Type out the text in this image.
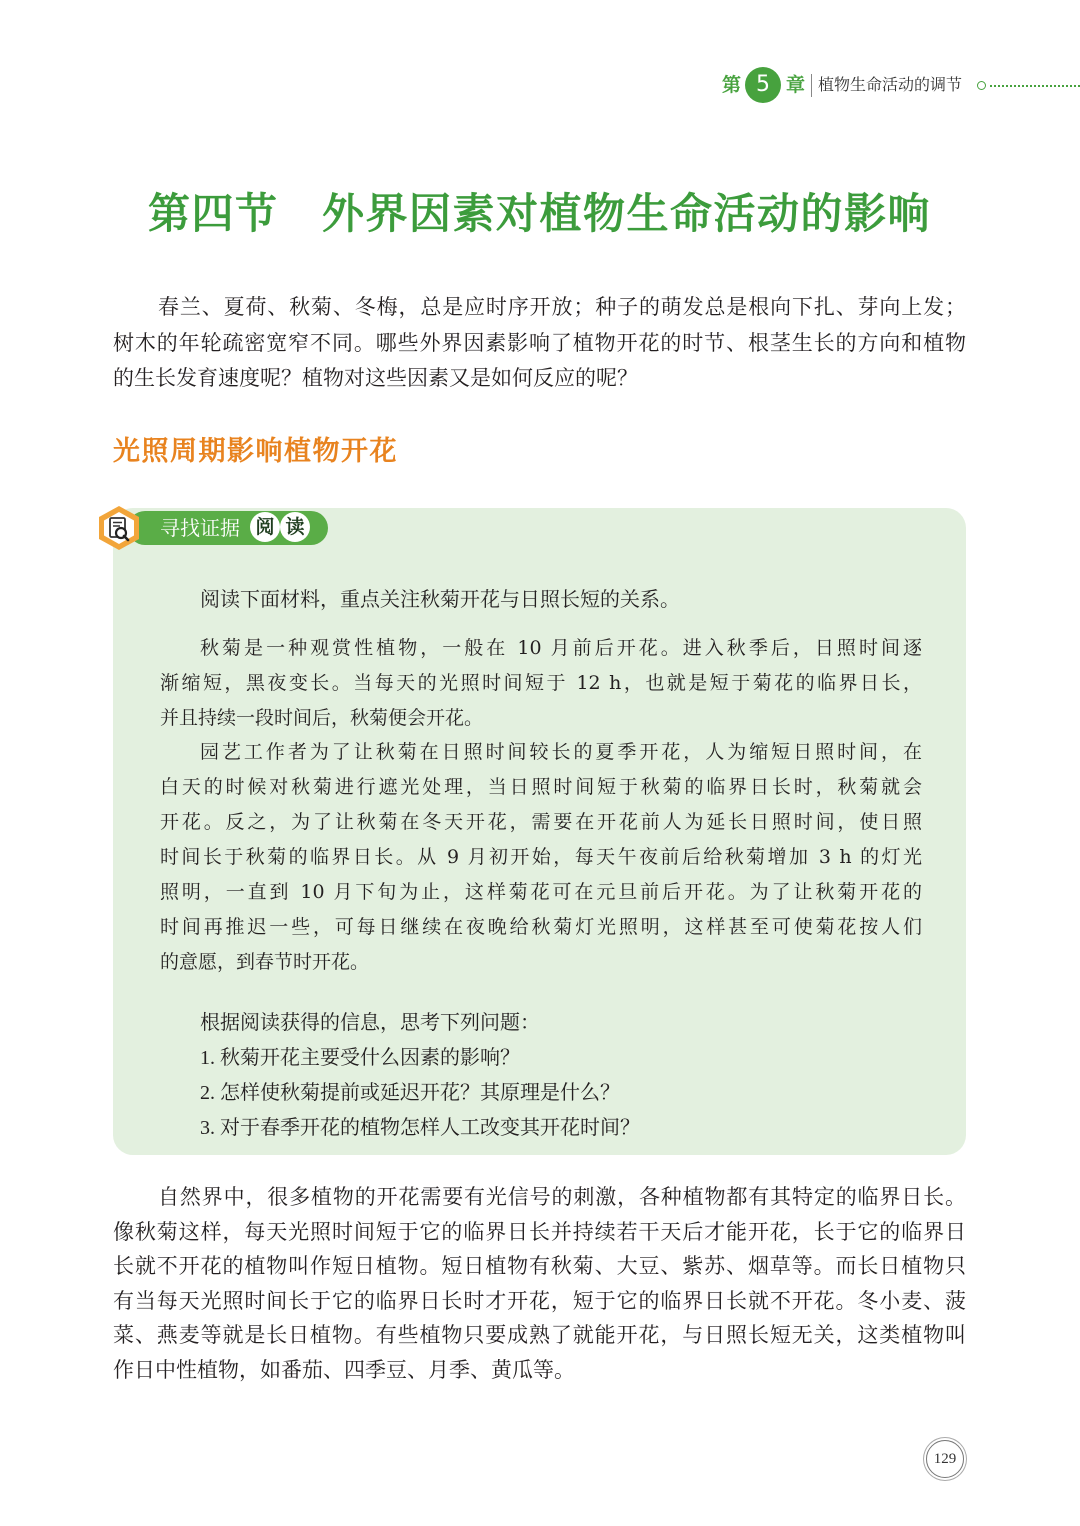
第 5 章 植物生命活动的调节
第四节 外界因素对植物生命活动的影响
春兰、夏荷、秋菊、冬梅，总是应时序开放；种子的萌发总是根向下扎、芽向上发；
树木的年轮疏密宽窄不同。哪些外界因素影响了植物开花的时节、根茎生长的方向和植物
的生长发育速度呢？植物对这些因素又是如何反应的呢？
光照周期影响植物开花
寻找证据 阅 读
阅读下面材料，重点关注秋菊开花与日照长短的关系。
秋菊是一种观赏性植物，一般在 10 月前后开花。进入秋季后，日照时间逐
渐缩短，黑夜变长。当每天的光照时间短于 12 h，也就是短于菊花的临界日长，
并且持续一段时间后，秋菊便会开花。
园艺工作者为了让秋菊在日照时间较长的夏季开花，人为缩短日照时间，在
白天的时候对秋菊进行遮光处理，当日照时间短于秋菊的临界日长时，秋菊就会
开花。反之，为了让秋菊在冬天开花，需要在开花前人为延长日照时间，使日照
时间长于秋菊的临界日长。从 9 月初开始，每天午夜前后给秋菊增加 3 h 的灯光
照明，一直到 10 月下旬为止，这样菊花可在元旦前后开花。为了让秋菊开花的
时间再推迟一些，可每日继续在夜晚给秋菊灯光照明，这样甚至可使菊花按人们
的意愿，到春节时开花。
根据阅读获得的信息，思考下列问题：
1. 秋菊开花主要受什么因素的影响？
2. 怎样使秋菊提前或延迟开花？其原理是什么？
3. 对于春季开花的植物怎样人工改变其开花时间？
自然界中，很多植物的开花需要有光信号的刺激，各种植物都有其特定的临界日长。
像秋菊这样，每天光照时间短于它的临界日长并持续若干天后才能开花，长于它的临界日
长就不开花的植物叫作短日植物。短日植物有秋菊、大豆、紫苏、烟草等。而长日植物只
有当每天光照时间长于它的临界日长时才开花，短于它的临界日长就不开花。冬小麦、菠
菜、燕麦等就是长日植物。有些植物只要成熟了就能开花，与日照长短无关，这类植物叫
作日中性植物，如番茄、四季豆、月季、黄瓜等。
129
